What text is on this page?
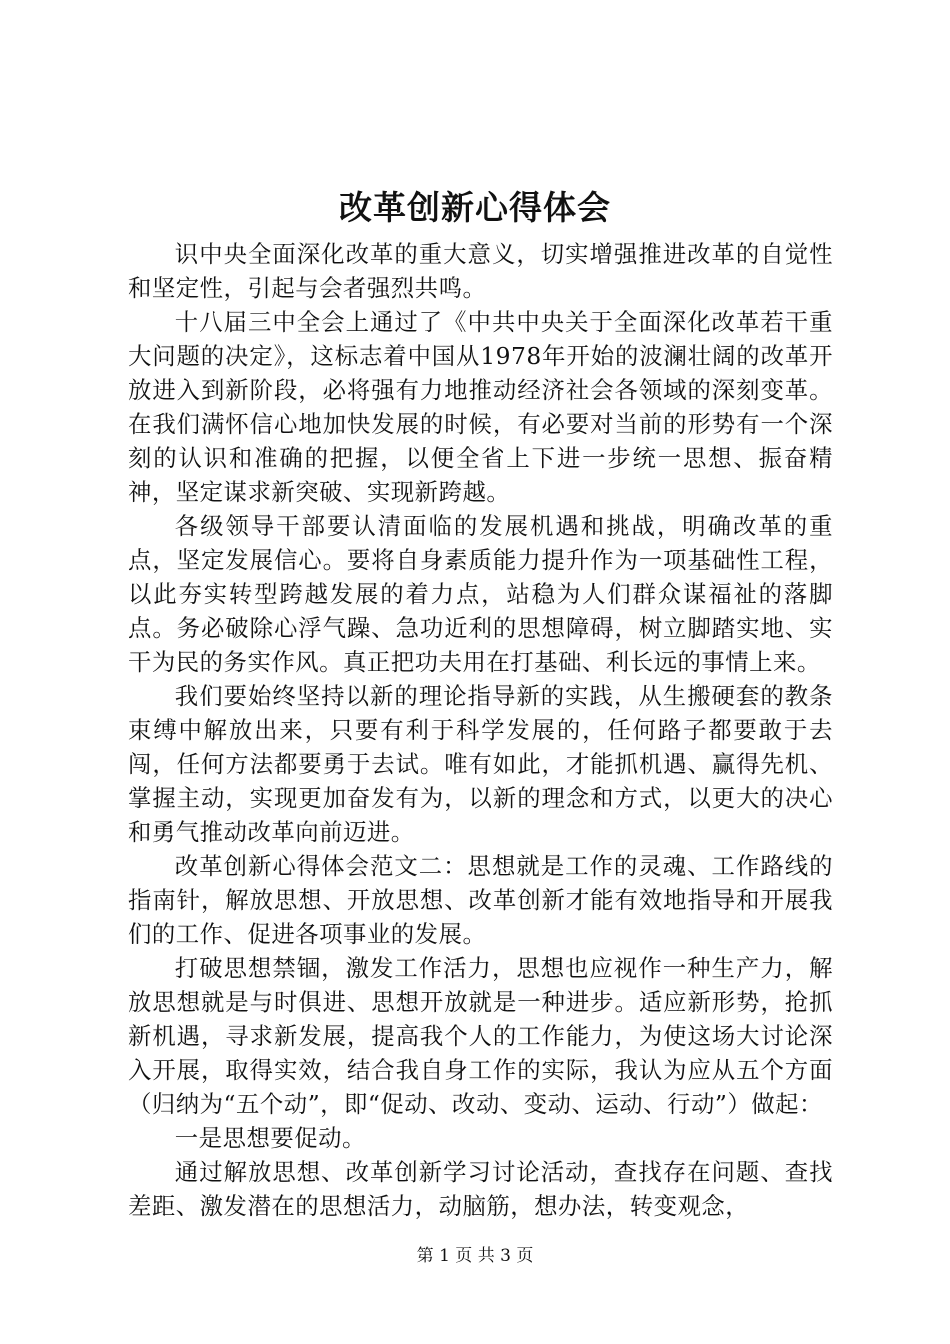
改革创新心得体会

识中央全面深化改革的重大意义，切实增强推进改革的自觉性和坚定性，引起与会者强烈共鸣。

十八届三中全会上通过了《中共中央关于全面深化改革若干重大问题的决定》，这标志着中国从1978年开始的波澜壮阔的改革开放进入到新阶段，必将强有力地推动经济社会各领域的深刻变革。在我们满怀信心地加快发展的时候，有必要对当前的形势有一个深刻的认识和准确的把握，以便全省上下进一步统一思想、振奋精神，坚定谋求新突破、实现新跨越。

各级领导干部要认清面临的发展机遇和挑战，明确改革的重点，坚定发展信心。要将自身素质能力提升作为一项基础性工程，以此夯实转型跨越发展的着力点，站稳为人们群众谋福祉的落脚点。务必破除心浮气躁、急功近利的思想障碍，树立脚踏实地、实干为民的务实作风。真正把功夫用在打基础、利长远的事情上来。

我们要始终坚持以新的理论指导新的实践，从生搬硬套的教条束缚中解放出来，只要有利于科学发展的，任何路子都要敢于去闯，任何方法都要勇于去试。唯有如此，才能抓机遇、赢得先机、掌握主动，实现更加奋发有为，以新的理念和方式，以更大的决心和勇气推动改革向前迈进。

改革创新心得体会范文二：思想就是工作的灵魂、工作路线的指南针，解放思想、开放思想、改革创新才能有效地指导和开展我们的工作、促进各项事业的发展。

打破思想禁锢，激发工作活力，思想也应视作一种生产力，解放思想就是与时俱进、思想开放就是一种进步。适应新形势，抢抓新机遇，寻求新发展，提高我个人的工作能力，为使这场大讨论深入开展，取得实效，结合我自身工作的实际，我认为应从五个方面（归纳为“五个动”，即“促动、改动、变动、运动、行动”）做起：

一是思想要促动。

通过解放思想、改革创新学习讨论活动，查找存在问题、查找差距、激发潜在的思想活力，动脑筋，想办法，转变观念，

第 1 页 共 3 页
